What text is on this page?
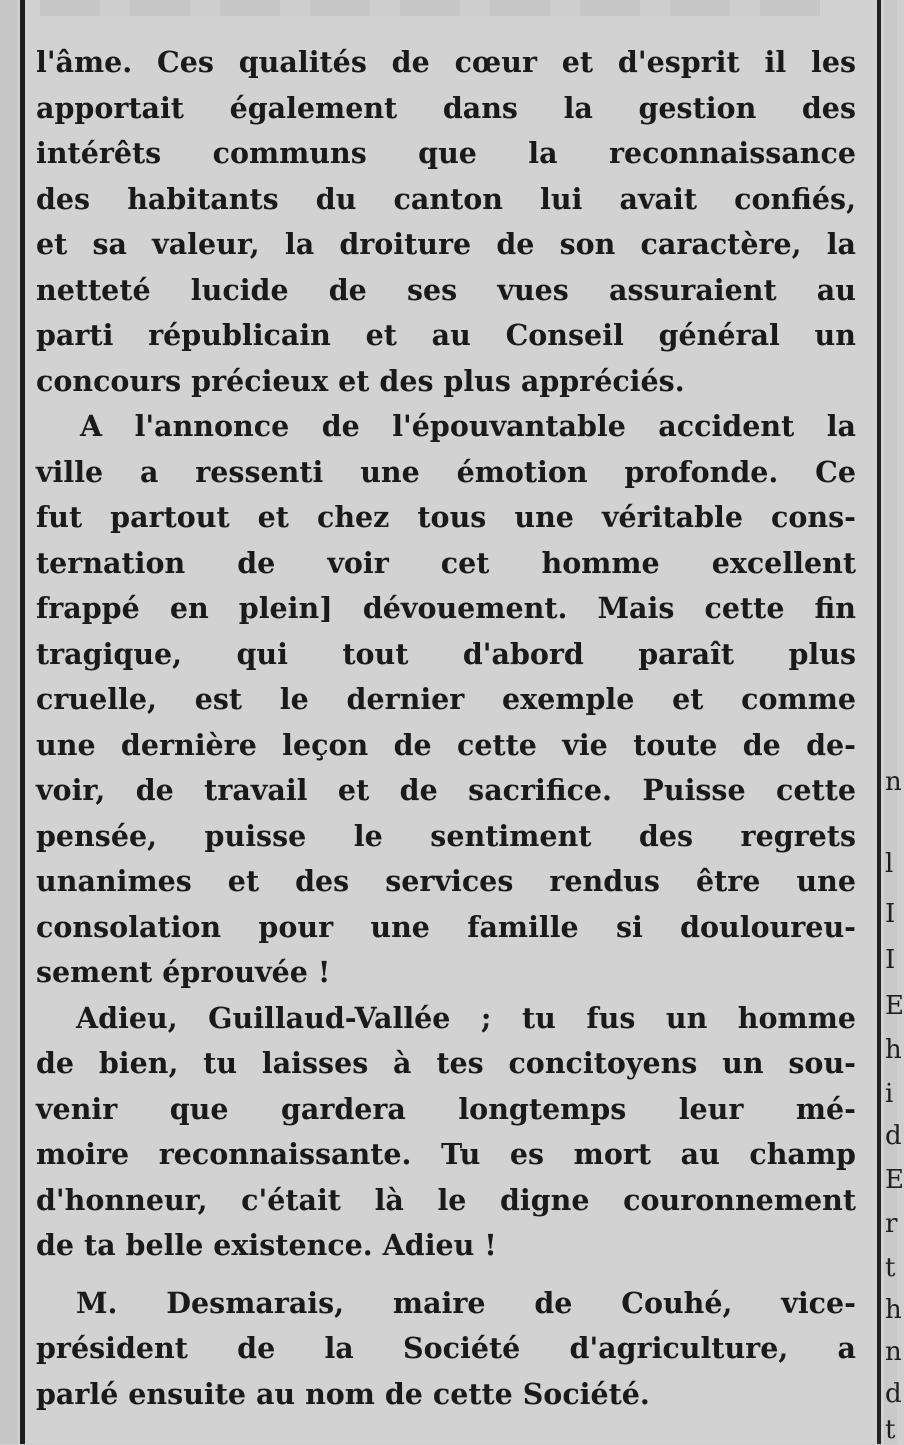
n
l
I
I
E
h
i
d
E
r
t
h
n
d
t
l'âme. Ces qualités de cœur et d'esprit il les
apportait également dans la gestion des
intérêts communs que la reconnaissance
des habitants du canton lui avait confiés,
et sa valeur, la droiture de son caractère, la
netteté lucide de ses vues assuraient au
parti républicain et au Conseil général un
concours précieux et des plus appréciés.
A l'annonce de l'épouvantable accident la
ville a ressenti une émotion profonde. Ce
fut partout et chez tous une véritable cons-
ternation de voir cet homme excellent
frappé en plein] dévouement. Mais cette fin
tragique, qui tout d'abord paraît plus
cruelle, est le dernier exemple et comme
une dernière leçon de cette vie toute de de-
voir, de travail et de sacrifice. Puisse cette
pensée, puisse le sentiment des regrets
unanimes et des services rendus être une
consolation pour une famille si douloureu-
sement éprouvée !
Adieu, Guillaud-Vallée ; tu fus un homme
de bien, tu laisses à tes concitoyens un sou-
venir que gardera longtemps leur mé-
moire reconnaissante. Tu es mort au champ
d'honneur, c'était là le digne couronnement
de ta belle existence. Adieu !
M. Desmarais, maire de Couhé, vice-
président de la Société d'agriculture, a
parlé ensuite au nom de cette Société.
